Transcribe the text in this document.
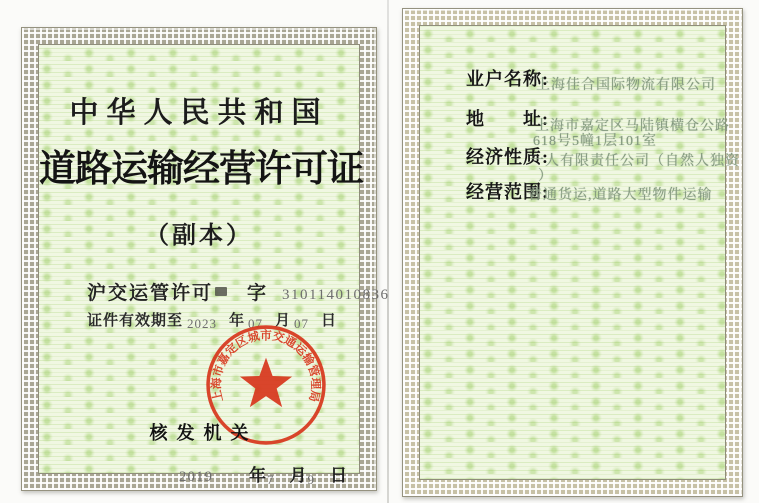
中华人民共和国
道路运输经营许可证
（副本）
沪交运管许可 字 310114010836
证件有效期至 2023 年 07 月 07 日
上海市嘉定区城市交通运输管理局
核发机关
2019 年 7 月 9 日
业户名称:
上海佳合国际物流有限公司
地　　址:
上海市嘉定区马陆镇横仓公路
618号5幢1层101室
经济性质:
一人有限责任公司（自然人独资
）
经营范围:
普通货运,道路大型物件运输
